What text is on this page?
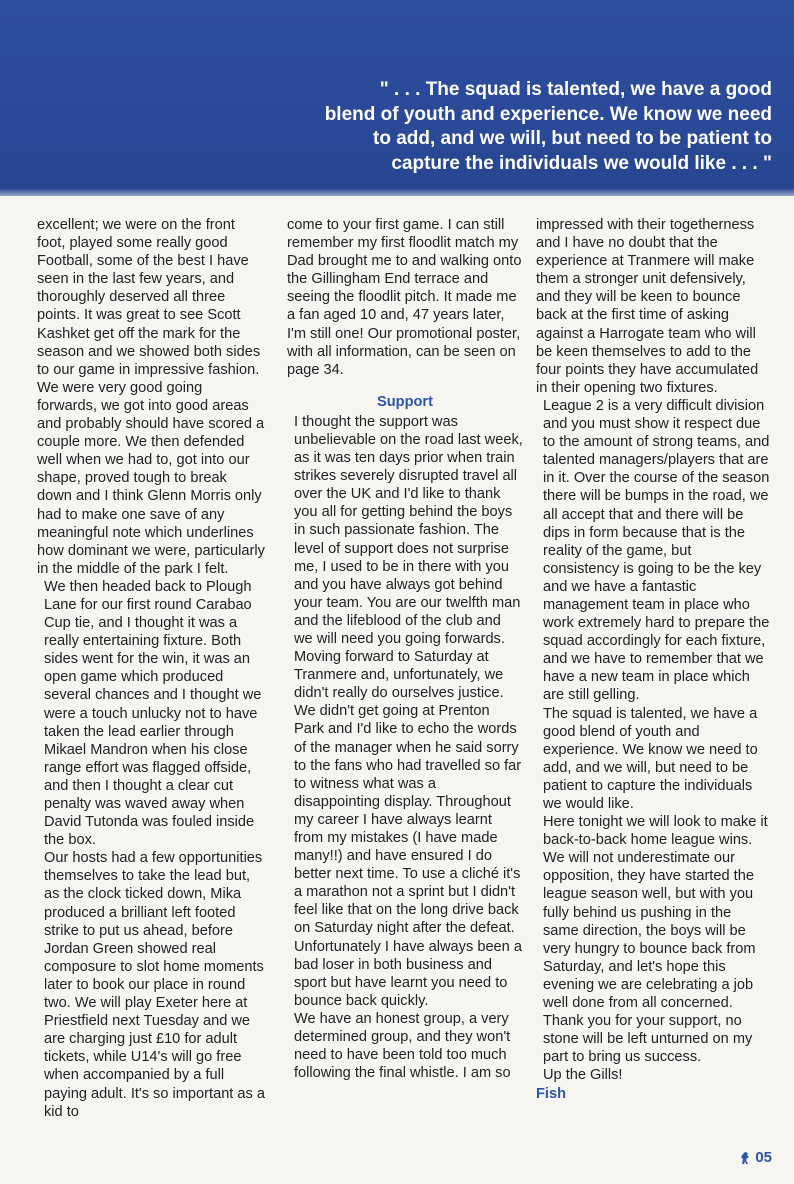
" . . . The squad is talented, we have a good
blend of youth and experience. We know we need
to add, and we will, but need to be patient to
capture the individuals we would like . . . "

excellent; we were on the front foot, played some really good Football, some of the best I have seen in the last few years, and thoroughly deserved all three points. It was great to see Scott Kashket get off the mark for the season and we showed both sides to our game in impressive fashion. We were very good going forwards, we got into good areas and probably should have scored a couple more. We then defended well when we had to, got into our shape, proved tough to break down and I think Glenn Morris only had to make one save of any meaningful note which underlines how dominant we were, particularly in the middle of the park I felt.

We then headed back to Plough Lane for our first round Carabao Cup tie, and I thought it was a really entertaining fixture. Both sides went for the win, it was an open game which produced several chances and I thought we were a touch unlucky not to have taken the lead earlier through Mikael Mandron when his close range effort was flagged offside, and then I thought a clear cut penalty was waved away when David Tutonda was fouled inside the box.

Our hosts had a few opportunities themselves to take the lead but, as the clock ticked down, Mika produced a brilliant left footed strike to put us ahead, before Jordan Green showed real composure to slot home moments later to book our place in round two. We will play Exeter here at Priestfield next Tuesday and we are charging just £10 for adult tickets, while U14's will go free when accompanied by a full paying adult. It's so important as a kid to

come to your first game. I can still remember my first floodlit match my Dad brought me to and walking onto the Gillingham End terrace and seeing the floodlit pitch. It made me a fan aged 10 and, 47 years later, I'm still one! Our promotional poster, with all information, can be seen on page 34.

Support

I thought the support was unbelievable on the road last week, as it was ten days prior when train strikes severely disrupted travel all over the UK and I'd like to thank you all for getting behind the boys in such passionate fashion. The level of support does not surprise me, I used to be in there with you and you have always got behind your team. You are our twelfth man and the lifeblood of the club and we will need you going forwards.

Moving forward to Saturday at Tranmere and, unfortunately, we didn't really do ourselves justice. We didn't get going at Prenton Park and I'd like to echo the words of the manager when he said sorry to the fans who had travelled so far to witness what was a disappointing display. Throughout my career I have always learnt from my mistakes (I have made many!!) and have ensured I do better next time. To use a cliché it's a marathon not a sprint but I didn't feel like that on the long drive back on Saturday night after the defeat. Unfortunately I have always been a bad loser in both business and sport but have learnt you need to bounce back quickly.

We have an honest group, a very determined group, and they won't need to have been told too much following the final whistle. I am so

impressed with their togetherness and I have no doubt that the experience at Tranmere will make them a stronger unit defensively, and they will be keen to bounce back at the first time of asking against a Harrogate team who will be keen themselves to add to the four points they have accumulated in their opening two fixtures.

League 2 is a very difficult division and you must show it respect due to the amount of strong teams, and talented managers/players that are in it. Over the course of the season there will be bumps in the road, we all accept that and there will be dips in form because that is the reality of the game, but consistency is going to be the key and we have a fantastic management team in place who work extremely hard to prepare the squad accordingly for each fixture, and we have to remember that we have a new team in place which are still gelling.

The squad is talented, we have a good blend of youth and experience. We know we need to add, and we will, but need to be patient to capture the individuals we would like.

Here tonight we will look to make it back-to-back home league wins. We will not underestimate our opposition, they have started the league season well, but with you fully behind us pushing in the same direction, the boys will be very hungry to bounce back from Saturday, and let's hope this evening we are celebrating a job well done from all concerned.

Thank you for your support, no stone will be left unturned on my part to bring us success.

Up the Gills!

Fish

05
